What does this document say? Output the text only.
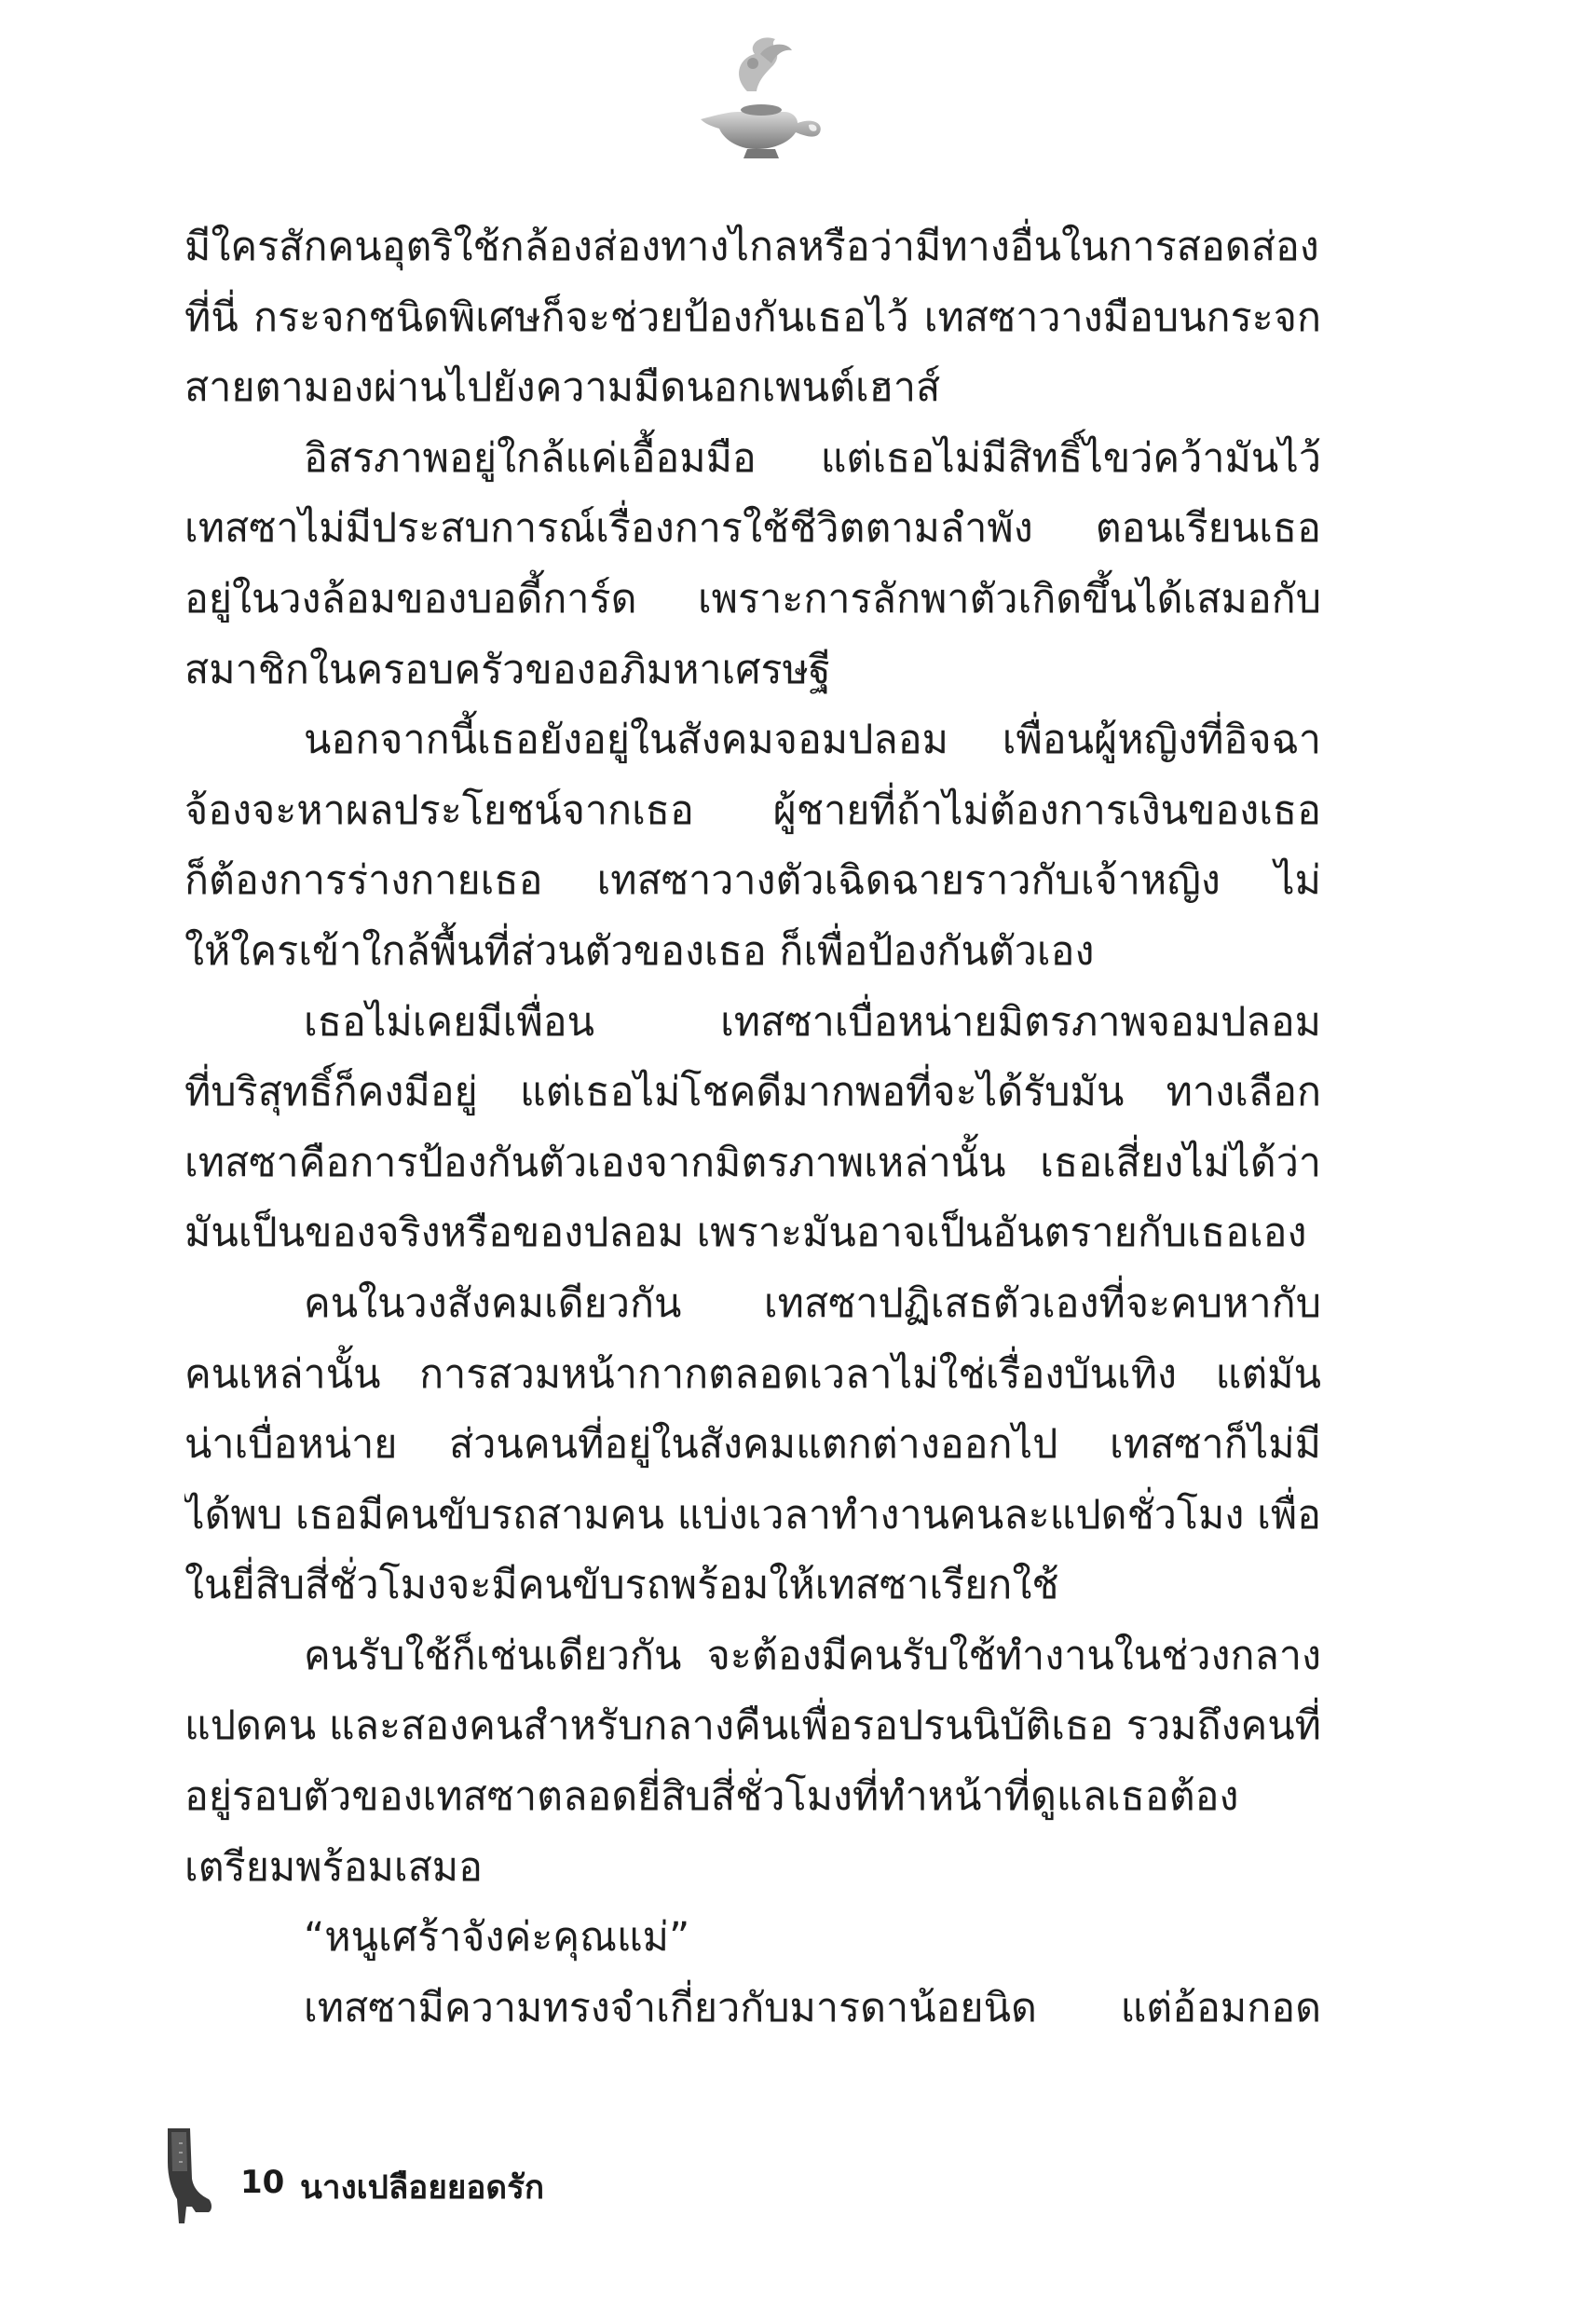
มีใครสักคนอุตริใช้กล้องส่องทางไกลหรือว่ามีทางอื่นในการสอดส่อง
ที่นี่ กระจกชนิดพิเศษก็จะช่วยป้องกันเธอไว้ เทสซาวางมือบนกระจก
สายตามองผ่านไปยังความมืดนอกเพนต์เฮาส์
อิสรภาพอยู่ใกล้แค่เอื้อมมือ แต่เธอไม่มีสิทธิ์ไขว่คว้ามันไว้
เทสซาไม่มีประสบการณ์เรื่องการใช้ชีวิตตามลำพัง ตอนเรียนเธอ
อยู่ในวงล้อมของบอดี้การ์ด เพราะการลักพาตัวเกิดขึ้นได้เสมอกับ
สมาชิกในครอบครัวของอภิมหาเศรษฐี
นอกจากนี้เธอยังอยู่ในสังคมจอมปลอม เพื่อนผู้หญิงที่อิจฉา
จ้องจะหาผลประโยชน์จากเธอ ผู้ชายที่ถ้าไม่ต้องการเงินของเธอ
ก็ต้องการร่างกายเธอ เทสซาวางตัวเฉิดฉายราวกับเจ้าหญิง ไม่
ให้ใครเข้าใกล้พื้นที่ส่วนตัวของเธอ ก็เพื่อป้องกันตัวเอง
เธอไม่เคยมีเพื่อน เทสซาเบื่อหน่ายมิตรภาพจอมปลอม
ที่บริสุทธิ์ก็คงมีอยู่ แต่เธอไม่โชคดีมากพอที่จะได้รับมัน ทางเลือก
เทสซาคือการป้องกันตัวเองจากมิตรภาพเหล่านั้น เธอเสี่ยงไม่ได้ว่า
มันเป็นของจริงหรือของปลอม เพราะมันอาจเป็นอันตรายกับเธอเอง
คนในวงสังคมเดียวกัน เทสซาปฏิเสธตัวเองที่จะคบหากับ
คนเหล่านั้น การสวมหน้ากากตลอดเวลาไม่ใช่เรื่องบันเทิง แต่มัน
น่าเบื่อหน่าย ส่วนคนที่อยู่ในสังคมแตกต่างออกไป เทสซาก็ไม่มี
ได้พบ เธอมีคนขับรถสามคน แบ่งเวลาทำงานคนละแปดชั่วโมง เพื่อ
ในยี่สิบสี่ชั่วโมงจะมีคนขับรถพร้อมให้เทสซาเรียกใช้
คนรับใช้ก็เช่นเดียวกัน จะต้องมีคนรับใช้ทำงานในช่วงกลาง
แปดคน และสองคนสำหรับกลางคืนเพื่อรอปรนนิบัติเธอ รวมถึงคนที่
อยู่รอบตัวของเทสซาตลอดยี่สิบสี่ชั่วโมงที่ทำหน้าที่ดูแลเธอต้อง
เตรียมพร้อมเสมอ
“หนูเศร้าจังค่ะคุณแม่”
เทสซามีความทรงจำเกี่ยวกับมารดาน้อยนิด แต่อ้อมกอด
10 นางเปลือยยอดรัก
